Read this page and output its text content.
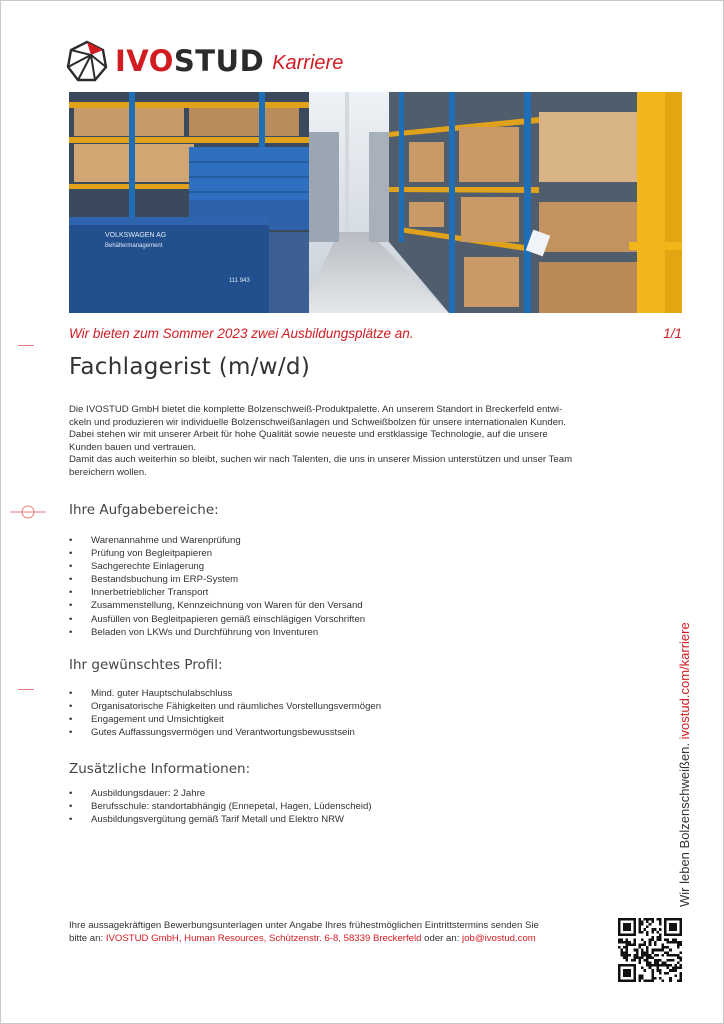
IVOSTUD Karriere
VOLKSWAGEN AG
Behältermanagement
111 943
Wir bieten zum Sommer 2023 zwei Ausbildungsplätze an.	1/1
Fachlagerist (m/w/d)

Die IVOSTUD GmbH bietet die komplette Bolzenschweiß-Produktpalette. An unserem Standort in Breckerfeld entwi-

ckeln und produzieren wir individuelle Bolzenschweißanlagen und Schweißbolzen für unsere internationalen Kunden.

Dabei stehen wir mit unserer Arbeit für hohe Qualität sowie neueste und erstklassige Technologie, auf die unsere

Kunden bauen und vertrauen.

Damit das auch weiterhin so bleibt, suchen wir nach Talenten, die uns in unserer Mission unterstützen und unser Team

bereichern wollen.

Ihre Aufgabebereiche:
• Warenannahme und Warenprüfung
• Prüfung von Begleitpapieren
• Sachgerechte Einlagerung
• Bestandsbuchung im ERP-System
• Innerbetrieblicher Transport
• Zusammenstellung, Kennzeichnung von Waren für den Versand
• Ausfüllen von Begleitpapieren gemäß einschlägigen Vorschriften
• Beladen von LKWs und Durchführung von Inventuren
Ihr gewünschtes Profil:
• Mind. guter Hauptschulabschluss
• Organisatorische Fähigkeiten und räumliches Vorstellungsvermögen
• Engagement und Umsichtigkeit
• Gutes Auffassungsvermögen und Verantwortungsbewusstsein
Zusätzliche Informationen:
• Ausbildungsdauer: 2 Jahre
• Berufsschule: standortabhängig (Ennepetal, Hagen, Lüdenscheid)
• Ausbildungsvergütung gemäß Tarif Metall und Elektro NRW	Wir leben Bolzenschweißen. ivostud.com/karriere
Ihre aussagekräftigen Bewerbungsunterlagen unter Angabe Ihres frühestmöglichen Eintrittstermins senden Sie
bitte an: IVOSTUD GmbH, Human Resources, Schützenstr. 6-8, 58339 Breckerfeld oder an: job@ivostud.com
